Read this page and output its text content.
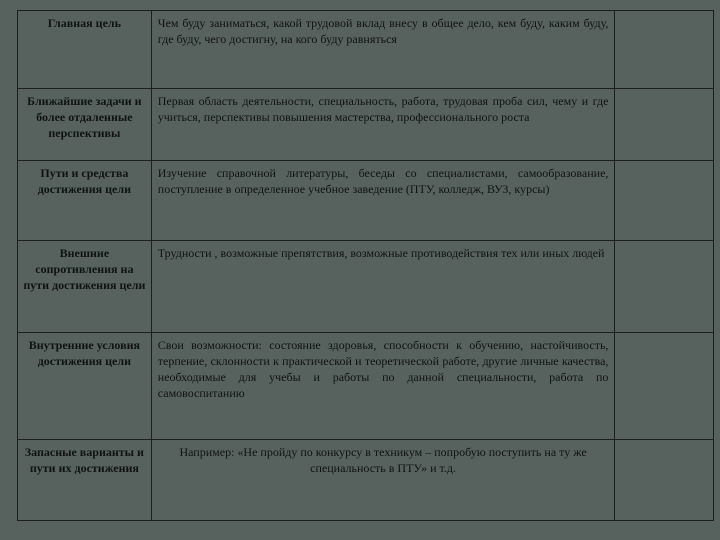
Главная цель	Чем буду заниматься, какой трудовой вклад внесу в общее дело, кем буду, каким буду, где буду, чего достигну, на кого буду равняться	
Ближайшие задачи и более отдаленные перспективы	Первая область деятельности, специальность, работа, трудовая проба сил, чему и где учиться, перспективы повышения мастерства, профессионального роста	
Пути и средства достижения цели	Изучение справочной литературы, беседы со специалистами, самообразование, поступление в определенное учебное заведение (ПТУ, колледж, ВУЗ, курсы)	
Внешние сопротивления на пути достижения цели	Трудности , возможные препятствия, возможные противодействия тех или иных людей	
Внутренние условия достижения цели	Свои возможности: состояние здоровья, способности к обучению, настойчивость, терпение, склонности к практической и теоретической работе, другие личные качества, необходимые для учебы и работы по данной специальности, работа по самовоспитанию	
Запасные варианты и пути их достижения	Например: «Не пройду по конкурсу в техникум – попробую поступить на ту же специальность в ПТУ» и т.д.	
